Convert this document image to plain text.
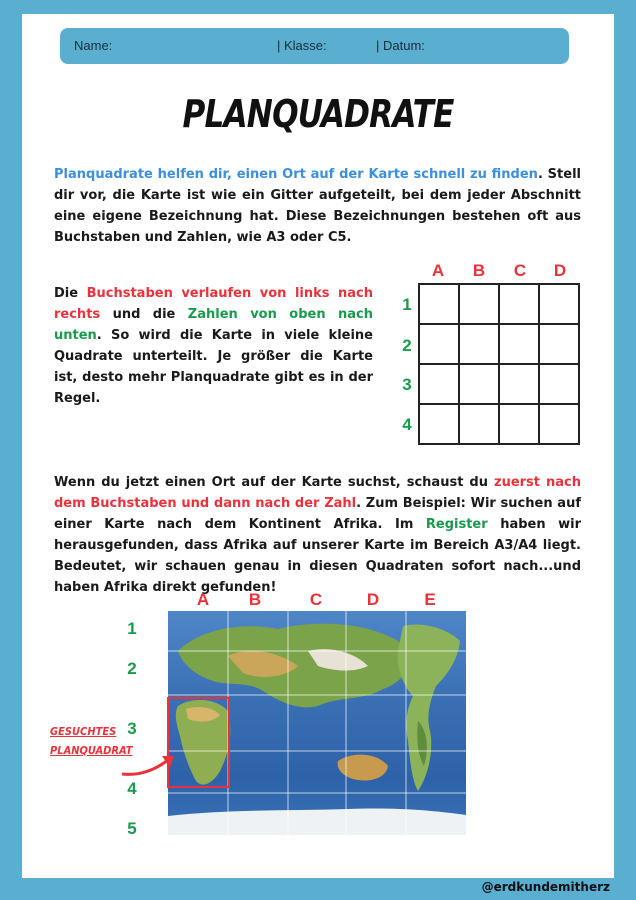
Name:	| Klasse:	| Datum:
PLANQUADRATE
Planquadrate helfen dir, einen Ort auf der Karte schnell zu finden. Stell dir vor, die Karte ist wie ein Gitter aufgeteilt, bei dem jeder Abschnitt eine eigene Bezeichnung hat. Diese Bezeichnungen bestehen oft aus Buchstaben und Zahlen, wie A3 oder C5.
Die Buchstaben verlaufen von links nach rechts und die Zahlen von oben nach unten. So wird die Karte in viele kleine Quadrate unterteilt. Je größer die Karte ist, desto mehr Planquadrate gibt es in der Regel.
A	B	C	D
1
2
3
4
Wenn du jetzt einen Ort auf der Karte suchst, schaust du zuerst nach dem Buchstaben und dann nach der Zahl. Zum Beispiel: Wir suchen auf einer Karte nach dem Kontinent Afrika. Im Register haben wir herausgefunden, dass Afrika auf unserer Karte im Bereich A3/A4 liegt. Bedeutet, wir schauen genau in diesen Quadraten sofort nach...und haben Afrika direkt gefunden!
A	B	C	D	E
1
2
3
4
5
GESUCHTES
PLANQUADRAT
@erdkundemitherz
